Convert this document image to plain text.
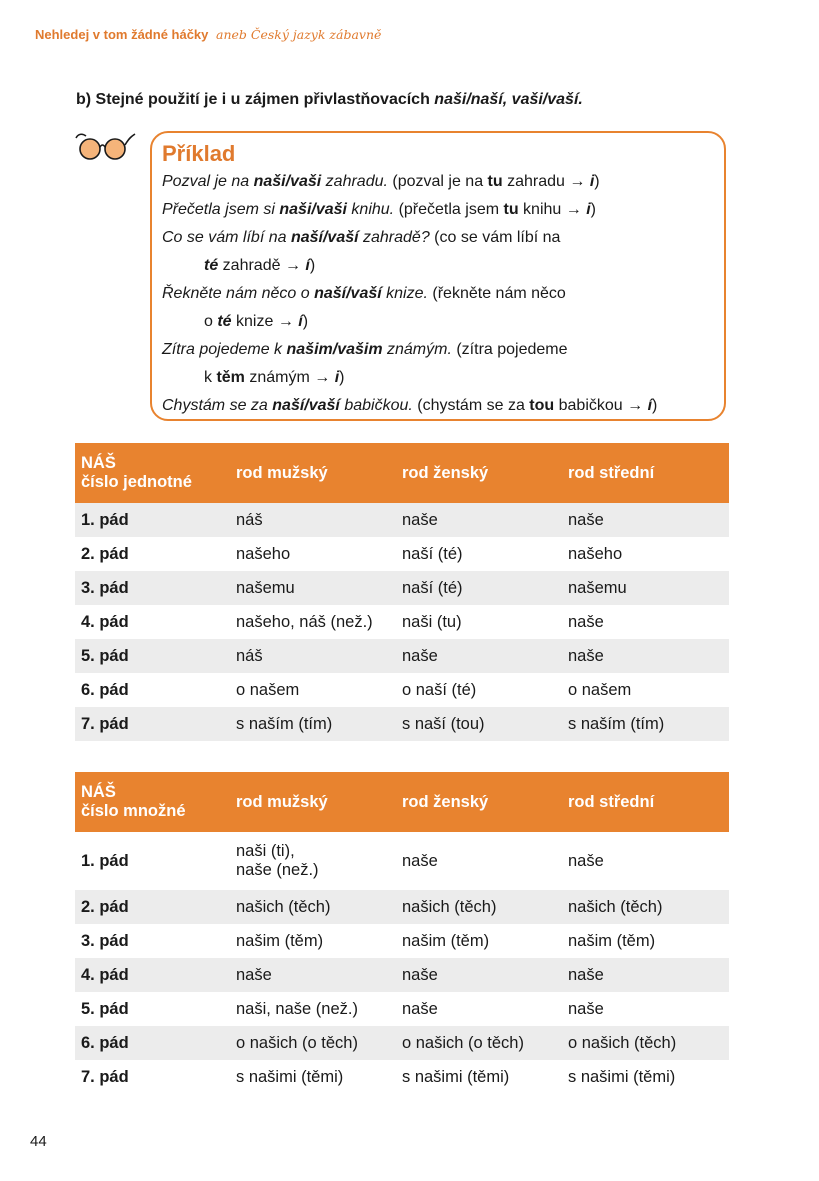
Nehledej v tom žádné háčky aneb Český jazyk zábavně
b) Stejné použití je i u zájmen přivlastňovacích naši/naší, vaši/vaší.
Příklad
Pozval je na naši/vaši zahradu. (pozval je na tu zahradu → i)
Přečetla jsem si naši/vaši knihu. (přečetla jsem tu knihu → i)
Co se vám líbí na naší/vaší zahradě? (co se vám líbí na
té zahradě → í)
Řekněte nám něco o naší/vaší knize. (řekněte nám něco
o té knize → í)
Zítra pojedeme k našim/vašim známým. (zítra pojedeme
k těm známým → i)
Chystám se za naší/vaší babičkou. (chystám se za tou babičkou → í)
NÁŠ
číslo jednotné	rod mužský	rod ženský	rod střední
1. pád	náš	naše	naše
2. pád	našeho	naší (té)	našeho
3. pád	našemu	naší (té)	našemu
4. pád	našeho, náš (než.)	naši (tu)	naše
5. pád	náš	naše	naše
6. pád	o našem	o naší (té)	o našem
7. pád	s naším (tím)	s naší (tou)	s naším (tím)
NÁŠ
číslo množné	rod mužský	rod ženský	rod střední
1. pád	naši (ti),
naše (než.)	naše	naše
2. pád	našich (těch)	našich (těch)	našich (těch)
3. pád	našim (těm)	našim (těm)	našim (těm)
4. pád	naše	naše	naše
5. pád	naši, naše (než.)	naše	naše
6. pád	o našich (o těch)	o našich (o těch)	o našich (těch)
7. pád	s našimi (těmi)	s našimi (těmi)	s našimi (těmi)
44
